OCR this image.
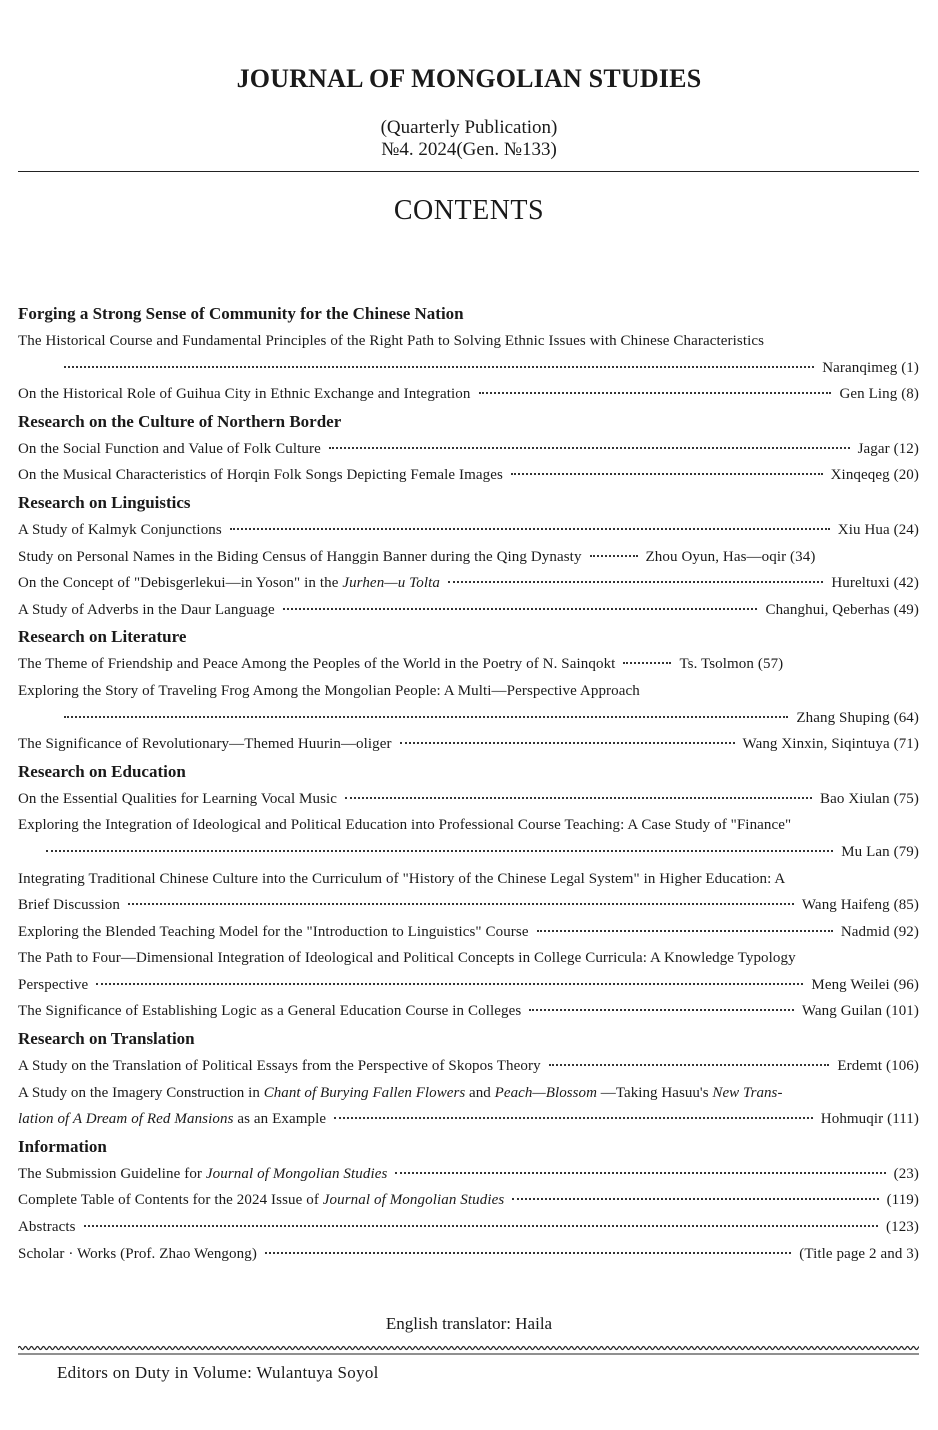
JOURNAL OF MONGOLIAN STUDIES
(Quarterly Publication)
№4. 2024(Gen. №133)
CONTENTS
Forging a Strong Sense of Community for the Chinese Nation
The Historical Course and Fundamental Principles of the Right Path to Solving Ethnic Issues with Chinese Characteristics
Naranqimeg (1)
On the Historical Role of Guihua City in Ethnic Exchange and Integration	Gen Ling (8)
Research on the Culture of Northern Border
On the Social Function and Value of Folk Culture	Jagar (12)
On the Musical Characteristics of Horqin Folk Songs Depicting Female Images	Xinqeqeg (20)
Research on Linguistics
A Study of Kalmyk Conjunctions	Xiu Hua (24)
Study on Personal Names in the Biding Census of Hanggin Banner during the Qing Dynasty	Zhou Oyun, Has—oqir (34)
On the Concept of "Debisgerlekui—in Yoson" in the Jurhen—u Tolta	Hureltuxi (42)
A Study of Adverbs in the Daur Language	Changhui, Qeberhas (49)
Research on Literature
The Theme of Friendship and Peace Among the Peoples of the World in the Poetry of N. Sainqokt	Ts. Tsolmon (57)
Exploring the Story of Traveling Frog Among the Mongolian People: A Multi—Perspective Approach
Zhang Shuping (64)
The Significance of Revolutionary—Themed Huurin—oliger	Wang Xinxin, Siqintuya (71)
Research on Education
On the Essential Qualities for Learning Vocal Music	Bao Xiulan (75)
Exploring the Integration of Ideological and Political Education into Professional Course Teaching: A Case Study of "Finance"
Mu Lan (79)
Integrating Traditional Chinese Culture into the Curriculum of "History of the Chinese Legal System" in Higher Education: A
Brief Discussion	Wang Haifeng (85)
Exploring the Blended Teaching Model for the "Introduction to Linguistics" Course	Nadmid (92)
The Path to Four—Dimensional Integration of Ideological and Political Concepts in College Curricula: A Knowledge Typology
Perspective	Meng Weilei (96)
The Significance of Establishing Logic as a General Education Course in Colleges	Wang Guilan (101)
Research on Translation
A Study on the Translation of Political Essays from the Perspective of Skopos Theory	Erdemt (106)
A Study on the Imagery Construction in Chant of Burying Fallen Flowers and Peach—Blossom —Taking Hasuu's New Trans-
lation of A Dream of Red Mansions as an Example	Hohmuqir (111)
Information
The Submission Guideline for Journal of Mongolian Studies	(23)
Complete Table of Contents for the 2024 Issue of Journal of Mongolian Studies	(119)
Abstracts	(123)
Scholar · Works (Prof. Zhao Wengong)	(Title page 2 and 3)
English translator: Haila
Editors on Duty in Volume: Wulantuya Soyol
